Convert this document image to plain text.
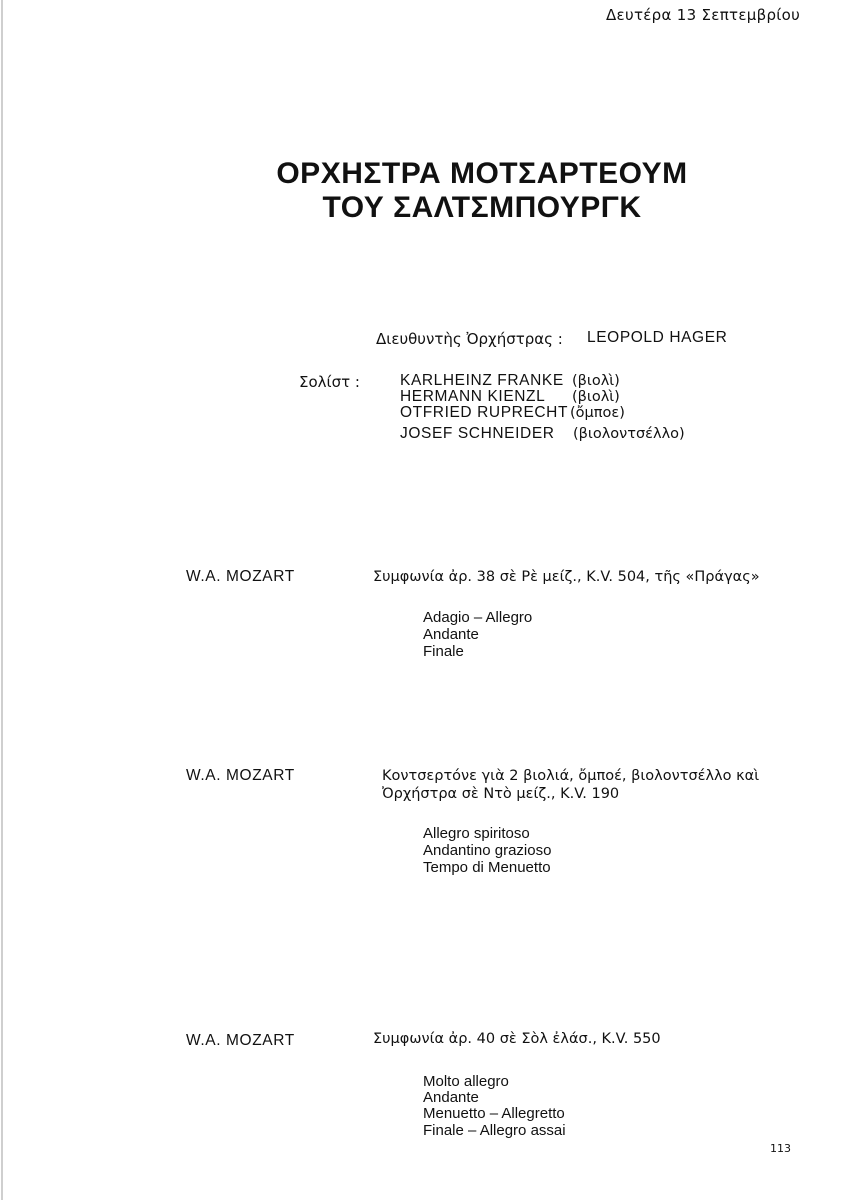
Δευτέρα 13 Σεπτεμβρίου
ΟΡΧΗΣΤΡΑ ΜΟΤΣΑΡΤΕΟΥΜ
ΤΟΥ ΣΑΛΤΣΜΠΟΥΡΓΚ
Διευθυντὴς Ὀρχήστρας : LEOPOLD HAGER
Σολίστ :	KARLHEINZ FRANKE (βιολὶ)
HERMANN KIENZL (βιολὶ)
OTFRIED RUPRECHT (ὄμποε)
JOSEF SCHNEIDER (βιολοντσέλλο)
W.A. MOZART	Συμφωνία ἀρ. 38 σὲ Ρὲ μείζ., K.V. 504, τῆς «Πράγας»
Adagio – Allegro
Andante
Finale
W.A. MOZART	Κοντσερτόνε γιὰ 2 βιολιά, ὄμποέ, βιολοντσέλλο καὶ
Ὀρχήστρα σὲ Ντὸ μείζ., K.V. 190
Allegro spiritoso
Andantino grazioso
Tempo di Menuetto
W.A. MOZART	Συμφωνία ἀρ. 40 σὲ Σὸλ ἐλάσ., K.V. 550
Molto allegro
Andante
Menuetto – Allegretto
Finale – Allegro assai
113
